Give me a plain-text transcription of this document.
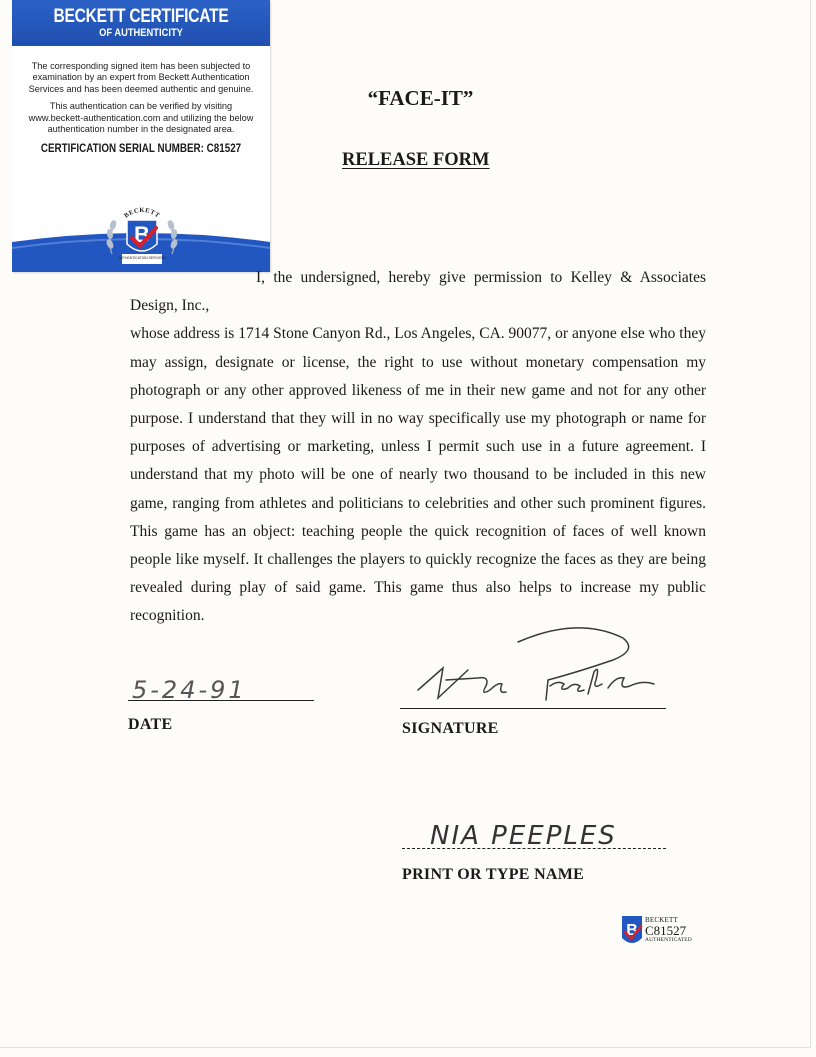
BECKETT CERTIFICATE
OF AUTHENTICITY

The corresponding signed item has been subjected to examination by an expert from Beckett Authentication Services and has been deemed authentic and genuine.

This authentication can be verified by visiting www.beckett-authentication.com and utilizing the below authentication number in the designated area.

CERTIFICATION SERIAL NUMBER: C81527
B
BECKETT
AUTHENTICATION SERVICES
“FACE-IT”
RELEASE FORM
I, the undersigned, hereby give permission to Kelley & Associates Design, Inc.,
whose address is 1714 Stone Canyon Rd., Los Angeles, CA. 90077, or anyone else who they may assign, designate or license, the right to use without monetary compensation my photograph or any other approved likeness of me in their new game and not for any other purpose. I understand that they will in no way specifically use my photograph or name for purposes of advertising or marketing, unless I permit such use in a future agreement. I understand that my photo will be one of nearly two thousand to be included in this new game, ranging from athletes and politicians to celebrities and other such prominent figures. This game has an object: teaching people the quick recognition of faces of well known people like myself. It challenges the players to quickly recognize the faces as they are being revealed during play of said game. This game thus also helps to increase my public recognition.
5-24-91
DATE
Nia Peeples
SIGNATURE
NIA PEEPLES
PRINT OR TYPE NAME
B
BECKETT
C81527
AUTHENTICATED
